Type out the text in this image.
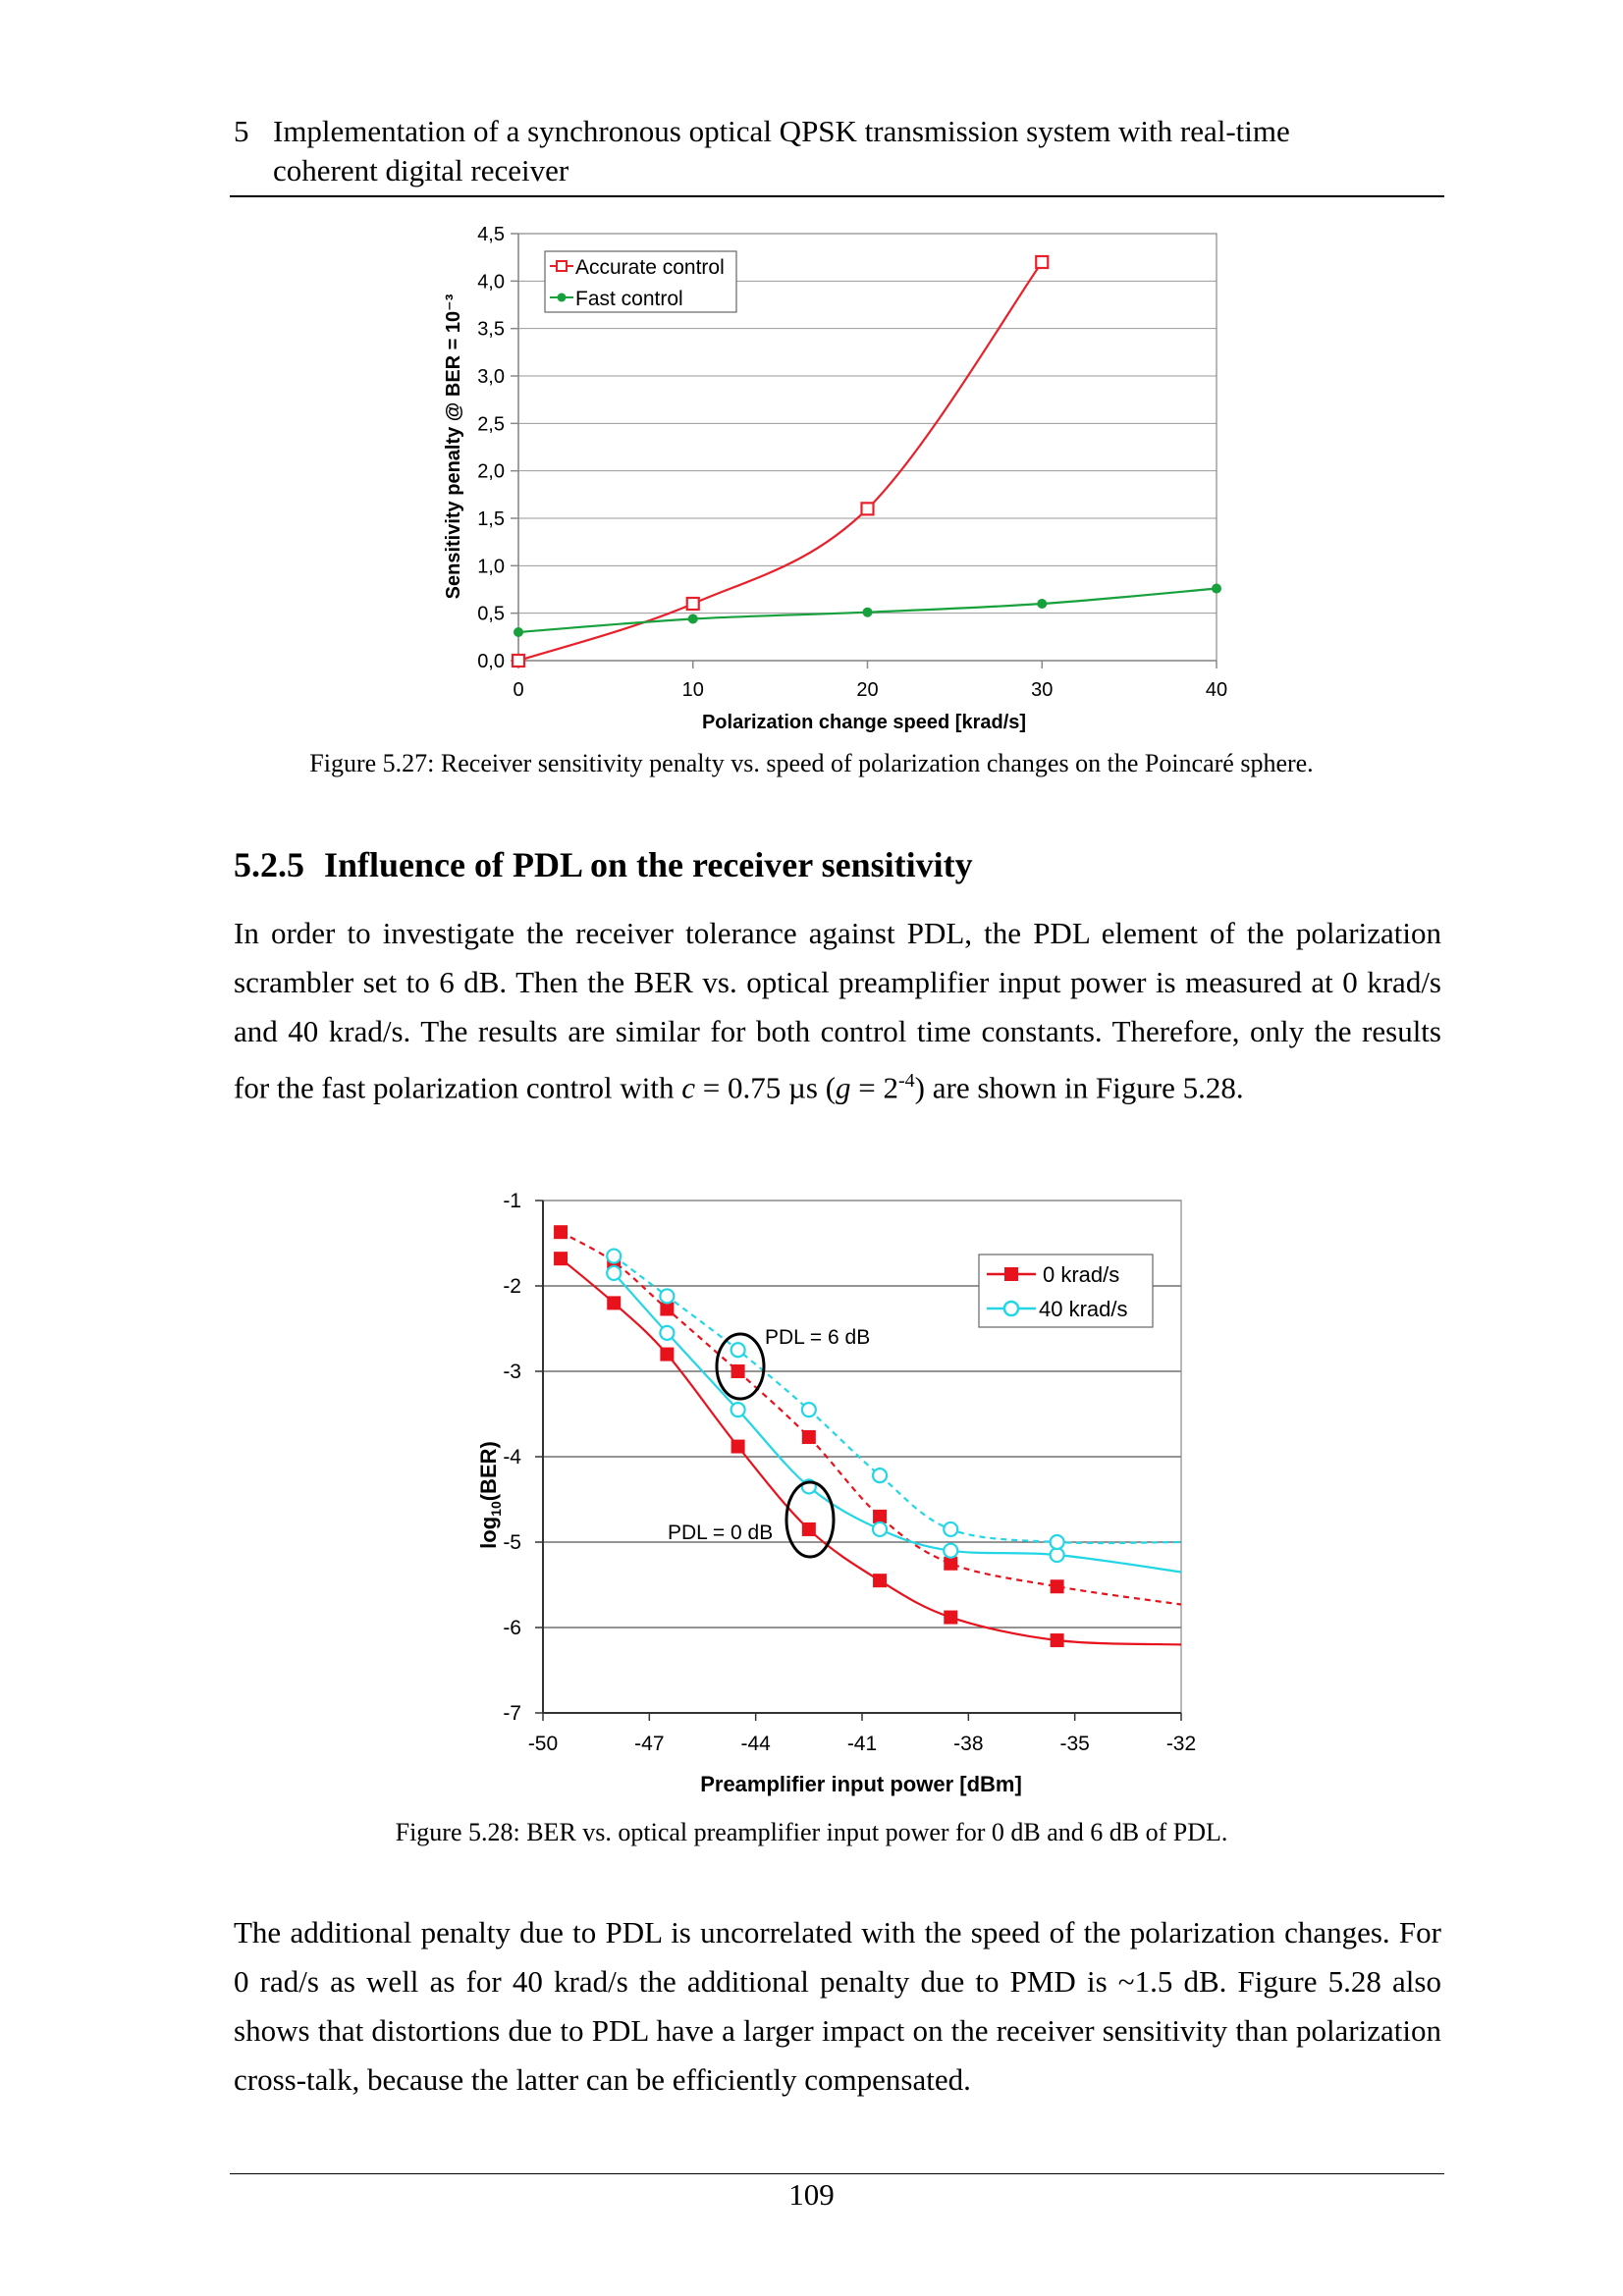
5 Implementation of a synchronous optical QPSK transmission system with real-time
coherent digital receiver
0,0
0,5
1,0
1,5
2,0
2,5
3,0
3,5
4,0
4,5
0	10	20	30	40
Polarization change speed [krad/s]
Sensitivity penalty @ BER = 10⁻³
Accurate control
Fast control
Figure 5.27: Receiver sensitivity penalty vs. speed of polarization changes on the Poincaré sphere.
5.2.5 Influence of PDL on the receiver sensitivity

In order to investigate the receiver tolerance against PDL, the PDL element of the polarization scrambler set to 6 dB. Then the BER vs. optical preamplifier input power is measured at 0 krad/s and 40 krad/s. The results are similar for both control time constants. Therefore, only the results for the fast polarization control with c = 0.75 µs $(g = 2^{-4})$ are shown in Figure 5.28.

-1
-2
-3
-4
-5
-6
-7
-50	-47	-44	-41	-38	-35	-32
PDL = 6 dB
PDL = 0 dB
Preamplifier input power [dBm]
$\log_{10}(BER)$
0 krad/s
40 krad/s
Figure 5.28: BER vs. optical preamplifier input power for 0 dB and 6 dB of PDL.

The additional penalty due to PDL is uncorrelated with the speed of the polarization changes. For 0 rad/s as well as for 40 krad/s the additional penalty due to PMD is ~1.5 dB. Figure 5.28 also shows that distortions due to PDL have a larger impact on the receiver sensitivity than polarization cross-talk, because the latter can be efficiently compensated.

109
